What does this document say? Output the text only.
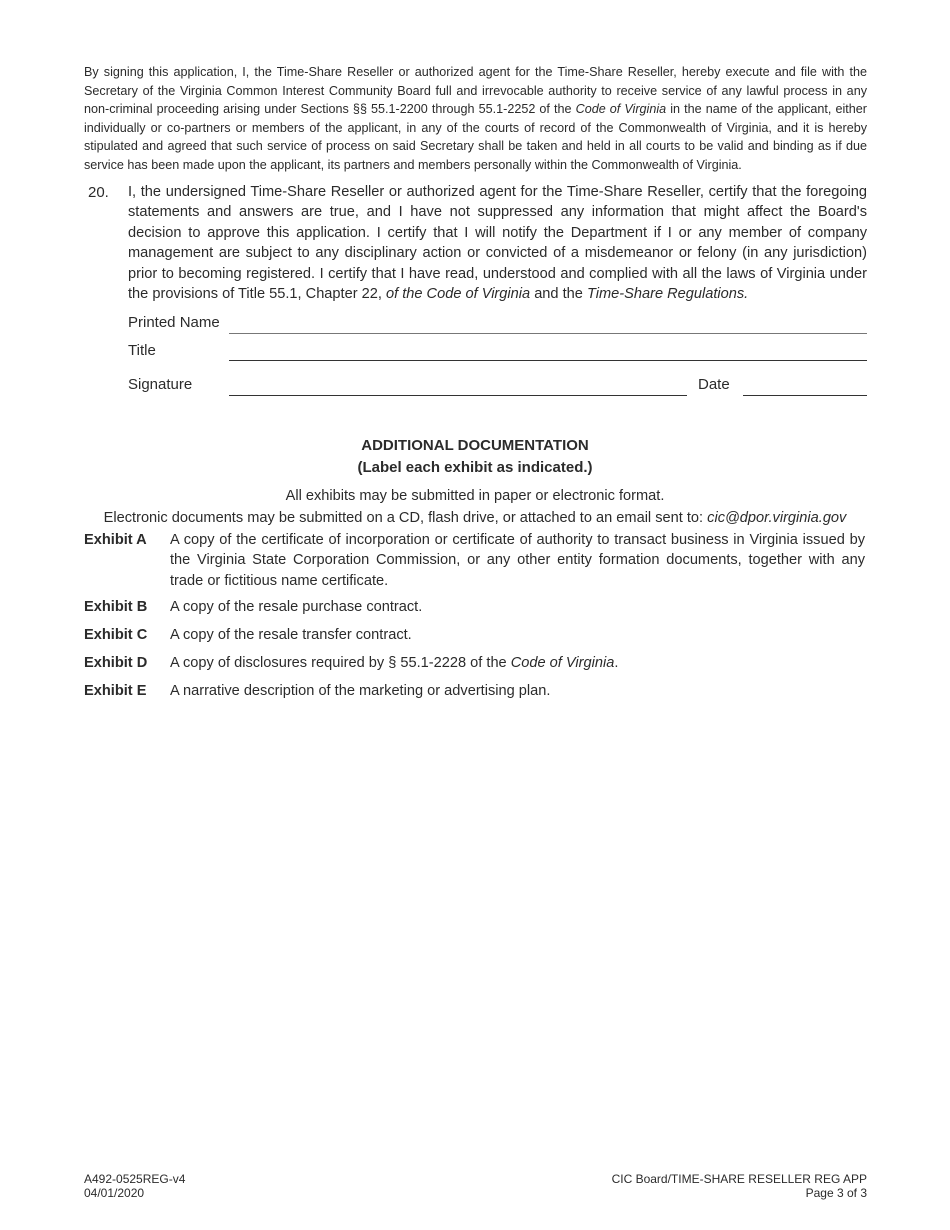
By signing this application, I, the Time-Share Reseller or authorized agent for the Time-Share Reseller, hereby execute and file with the Secretary of the Virginia Common Interest Community Board full and irrevocable authority to receive service of any lawful process in any non-criminal proceeding arising under Sections §§ 55.1-2200 through 55.1-2252 of the Code of Virginia in the name of the applicant, either individually or co-partners or members of the applicant, in any of the courts of record of the Commonwealth of Virginia, and it is hereby stipulated and agreed that such service of process on said Secretary shall be taken and held in all courts to be valid and binding as if due service has been made upon the applicant, its partners and members personally within the Commonwealth of Virginia.

20. I, the undersigned Time-Share Reseller or authorized agent for the Time-Share Reseller, certify that the foregoing statements and answers are true, and I have not suppressed any information that might affect the Board's decision to approve this application. I certify that I will notify the Department if I or any member of company management are subject to any disciplinary action or convicted of a misdemeanor or felony (in any jurisdiction) prior to becoming registered. I certify that I have read, understood and complied with all the laws of Virginia under the provisions of Title 55.1, Chapter 22, of the Code of Virginia and the Time-Share Regulations.

Printed Name
Title
Signature	Date
ADDITIONAL DOCUMENTATION
(Label each exhibit as indicated.)
All exhibits may be submitted in paper or electronic format.
Electronic documents may be submitted on a CD, flash drive, or attached to an email sent to: cic@dpor.virginia.gov
Exhibit A A copy of the certificate of incorporation or certificate of authority to transact business in Virginia issued by the Virginia State Corporation Commission, or any other entity formation documents, together with any trade or fictitious name certificate.

Exhibit B A copy of the resale purchase contract.

Exhibit C A copy of the resale transfer contract.

Exhibit D A copy of disclosures required by § 55.1-2228 of the Code of Virginia.

Exhibit E A narrative description of the marketing or advertising plan.

A492-0525REG-v4
04/01/2020
CIC Board/TIME-SHARE RESELLER REG APP
Page 3 of 3
